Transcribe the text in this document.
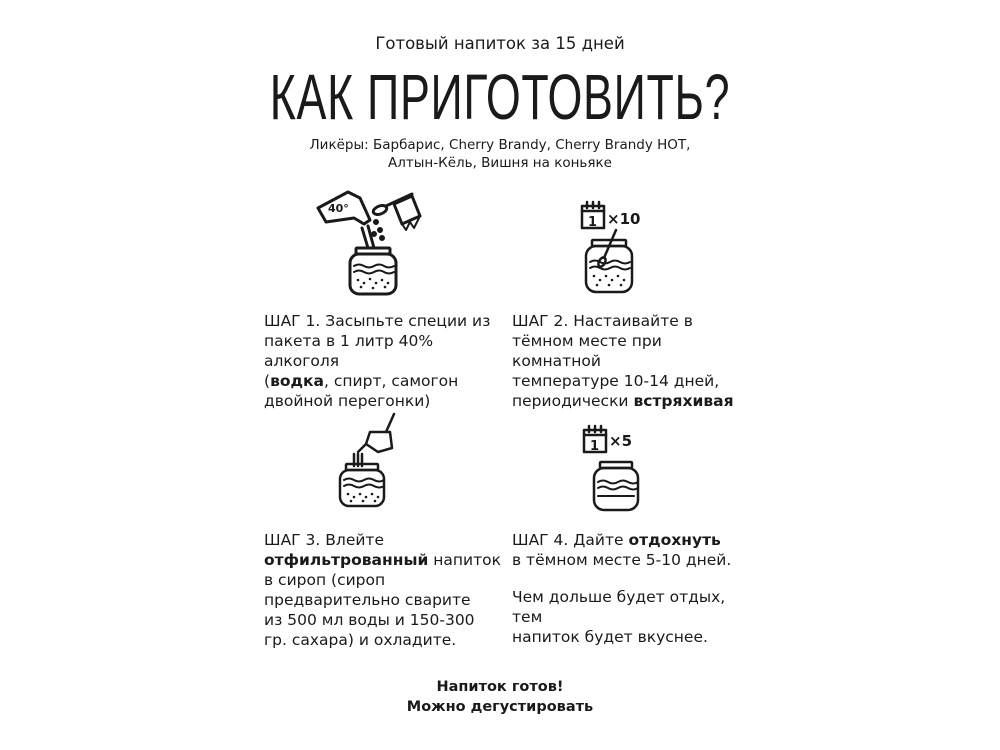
Готовый напиток за 15 дней
КАК ПРИГОТОВИТЬ?
Ликёры: Барбарис, Cherry Brandy, Cherry Brandy HOT,
Алтын-Кёль, Вишня на коньяке
40°
1 ×10
1 ×5

ШАГ 1. Засыпьте специи из

пакета в 1 литр 40% алкоголя

(водка, спирт, самогон

двойной перегонки)

ШАГ 2. Настаивайте в

тёмном месте при комнатной

температуре 10-14 дней,

периодически встряхивая

ШАГ 3. Влейте

отфильтрованный напиток

в сироп (сироп

предварительно сварите

из 500 мл воды и 150-300

гр. сахара) и охладите.

ШАГ 4. Дайте отдохнуть

в тёмном месте 5-10 дней.

Чем дольше будет отдых, тем

напиток будет вкуснее.

Напиток готов!
Можно дегустировать
